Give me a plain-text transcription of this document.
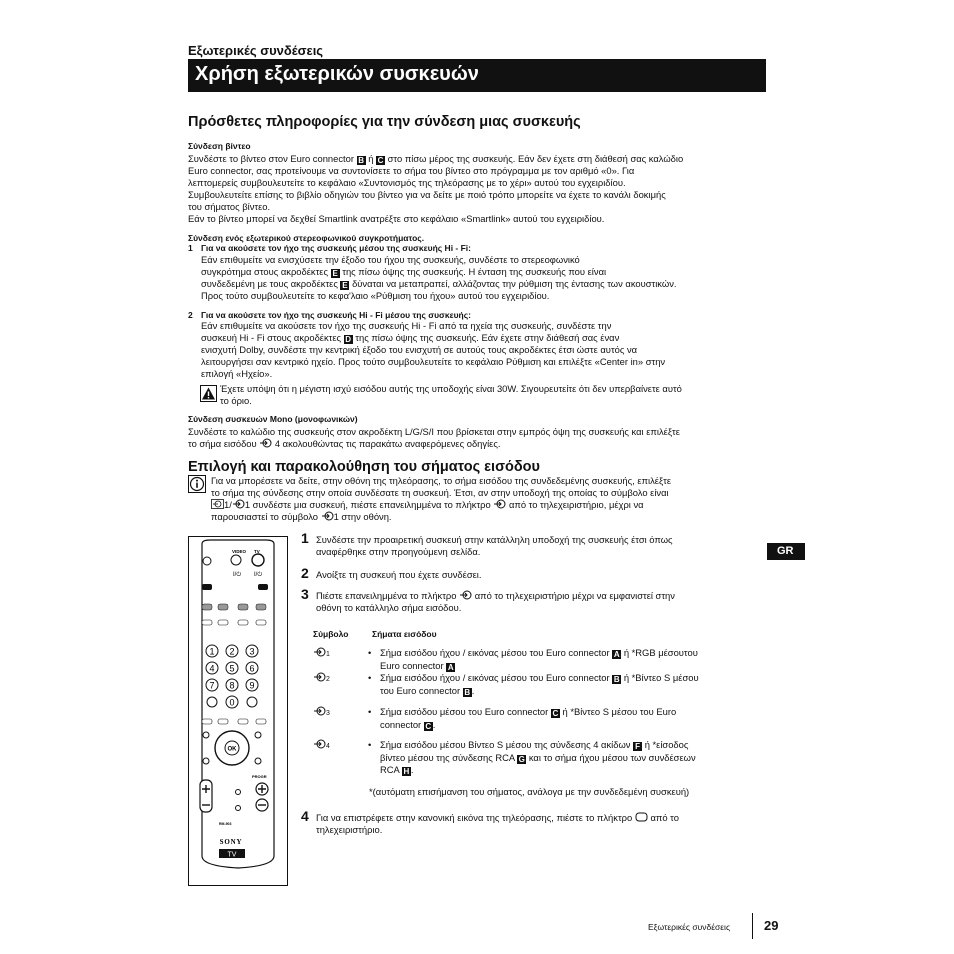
Εξωτερικές συνδέσεις
Χρήση εξωτερικών συσκευών
Πρόσθετες πληροφορίες για την σύνδεση μιας συσκευής
Σύνδεση βίντεο
Συνδέστε το βίντεο στον Euro connector B ή C στο πίσω μέρος της συσκευής. Εάν δεν έχετε στη διάθεσή σας καλώδιο
Euro connector, σας προτείνουμε να συντονίσετε το σήμα του βίντεο στο πρόγραμμα με τον αριθμό «0». Για
λεπτομερείς συμβουλευτείτε το κεφάλαιο «Συντονισμός της τηλεόρασης με το χέρι» αυτού του εγχειριδίου.
Συμβουλευτείτε επίσης το βιβλίο οδηγιών του βίντεο για να δείτε με ποιό τρόπο μπορείτε να έχετε το κανάλι δοκιμής
του σήματος βίντεο.
Εάν το βίντεο μπορεί να δεχθεί Smartlink ανατρέξτε στο κεφάλαιο «Smartlink» αυτού του εγχειριδίου.
Σύνδεση ενός εξωτερικού στερεοφωνικού συγκροτήματος.
1 Για να ακούσετε τον ήχο της συσκευής μέσου της συσκευής Hi - Fi:
Εάν επιθυμείτε να ενισχύσετε την έξοδο του ήχου της συσκευής, συνδέστε το στερεοφωνικό
συγκρότημα στους ακροδέκτες E της πίσω όψης της συσκευής. Η ένταση της συσκευής που είναι
συνδεδεμένη με τους ακροδέκτες E δύναται να μεταπραπεί, αλλάζοντας την ρύθμιση της έντασης των ακουστικών.
Προς τούτο συμβουλευτείτε το κεφα'λαιο «Ρύθμιση του ήχου» αυτού του εγχειριδίου.
2 Για να ακούσετε τον ήχο της συσκευής Hi - Fi μέσου της συσκευής:
Εάν επιθυμείτε να ακούσετε τον ήχο της συσκευής Hi - Fi από τα ηχεία της συσκευής, συνδέστε την
συσκευή Hi - Fi στους ακροδέκτες D της πίσω όψης της συσκευής. Εάν έχετε στην διάθεσή σας έναν
ενισχυτή Dolby, συνδέστε την κεντρική έξοδο του ενισχυτή σε αυτούς τους ακροδέκτες έτσι ώστε αυτός να
λειτουργήσει σαν κεντρικό ηχείο. Προς τούτο συμβουλευτείτε το κεφάλαιο Ρύθμιση και επιλέξτε «Center in» στην
επιλογή «Ηχείο».
Έχετε υπόψη ότι η μέγιστη ισχύ εισόδου αυτής της υποδοχής είναι 30W. Σιγουρευτείτε ότι δεν υπερβαίνετε αυτό
το όριο.
Σύνδεση συσκευών Mono (μονοφωνικών)
Συνδέστε το καλώδιο της συσκευής στον ακροδέκτη L/G/S/I που βρίσκεται στην εμπρός όψη της συσκευής και επιλέξτε
το σήμα εισόδου 4 ακολουθώντας τις παρακάτω αναφερόμενες οδηγίες.
Επιλογή και παρακολούθηση του σήματος εισόδου
Για να μπορέσετε να δείτε, στην οθόνη της τηλεόρασης, το σήμα εισόδου της συνδεδεμένης συσκευής, επιλέξτε
το σήμα της σύνδεσης στην οποία συνδέσατε τη συσκευή. Έτσι, αν στην υποδοχή της οποίας το σύμβολο είναι
1/ 1 συνδέστε μια συσκευή, πιέστε επανειλημμένα το πλήκτρο από το τηλεχειριστήριο, μέχρι να
παρουσιαστεί το σύμβολο 1 στην οθόνη.
VIDEO TV
I/⏻ I/⏻
1 2 3
4 5 6
7 8 9
0
OK
PROGR
RM-903
SONY
TV
1 Συνδέστε την προαιρετική συσκευή στην κατάλληλη υποδοχή της συσκευής έτσι όπως
αναφέρθηκε στην προηγούμενη σελίδα.
2 Ανοίξτε τη συσκευή που έχετε συνδέσει.
3 Πιέστε επανειλημμένα το πλήκτρο από το τηλεχειριστήριο μέχρι να εμφανιστεί στην
οθόνη το κατάλληλο σήμα εισόδου.
Σύμβολο	Σήματα εισόδου
1	• Σήμα εισόδου ήχου / εικόνας μέσου του Euro connector A ή *RGB μέσουτου
Euro connector A
2	• Σήμα εισόδου ήχου / εικόνας μέσου του Euro connector B ή *Βίντεο S μέσου
του Euro connector B .
3	• Σήμα εισόδου μέσου του Euro connector C ή *Βίντεο S μέσου του Euro
connector C .
4	• Σήμα εισόδου μέσου Βίντεο S μέσου της σύνδεσης 4 ακίδων F ή *είσοδος
βίντεο μέσου της σύνδεσης RCA G και το σήμα ήχου μέσου των συνδέσεων
RCA H .
*(αυτόματη επισήμανση του σήματος, ανάλογα με την συνδεδεμένη συσκευή)
4 Για να επιστρέφετε στην κανονική εικόνα της τηλεόρασης, πιέστε το πλήκτρο από το
τηλεχειριστήριο.
GR
Εξωτερικές συνδέσεις	29
